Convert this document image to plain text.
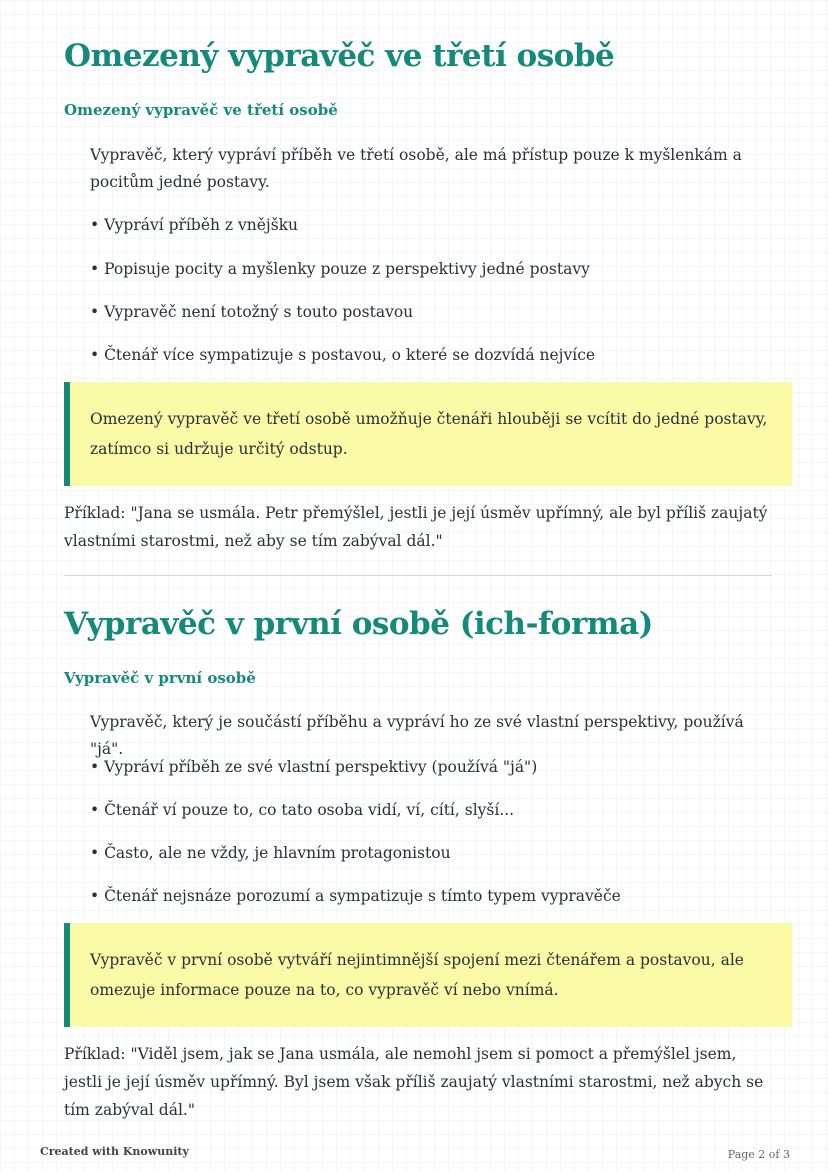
Omezený vypravěč ve třetí osobě
Omezený vypravěč ve třetí osobě

Vypravěč, který vypráví příběh ve třetí osobě, ale má přístup pouze k myšlenkám a pocitům jedné postavy.

• Vypráví příběh z vnějšku

• Popisuje pocity a myšlenky pouze z perspektivy jedné postavy

• Vypravěč není totožný s touto postavou

• Čtenář více sympatizuje s postavou, o které se dozvídá nejvíce

Omezený vypravěč ve třetí osobě umožňuje čtenáři hlouběji se vcítit do jedné postavy, zatímco si udržuje určitý odstup.

Příklad: "Jana se usmála. Petr přemýšlel, jestli je její úsměv upřímný, ale byl příliš zaujatý vlastními starostmi, než aby se tím zabýval dál."

Vypravěč v první osobě (ich-forma)
Vypravěč v první osobě

Vypravěč, který je součástí příběhu a vypráví ho ze své vlastní perspektivy, používá "já".

• Vypráví příběh ze své vlastní perspektivy (používá "já")

• Čtenář ví pouze to, co tato osoba vidí, ví, cítí, slyší...

• Často, ale ne vždy, je hlavním protagonistou

• Čtenář nejsnáze porozumí a sympatizuje s tímto typem vypravěče

Vypravěč v první osobě vytváří nejintimnější spojení mezi čtenářem a postavou, ale omezuje informace pouze na to, co vypravěč ví nebo vnímá.

Příklad: "Viděl jsem, jak se Jana usmála, ale nemohl jsem si pomoct a přemýšlel jsem, jestli je její úsměv upřímný. Byl jsem však příliš zaujatý vlastními starostmi, než abych se tím zabýval dál."

Created with Knowunity	Page 2 of 3
